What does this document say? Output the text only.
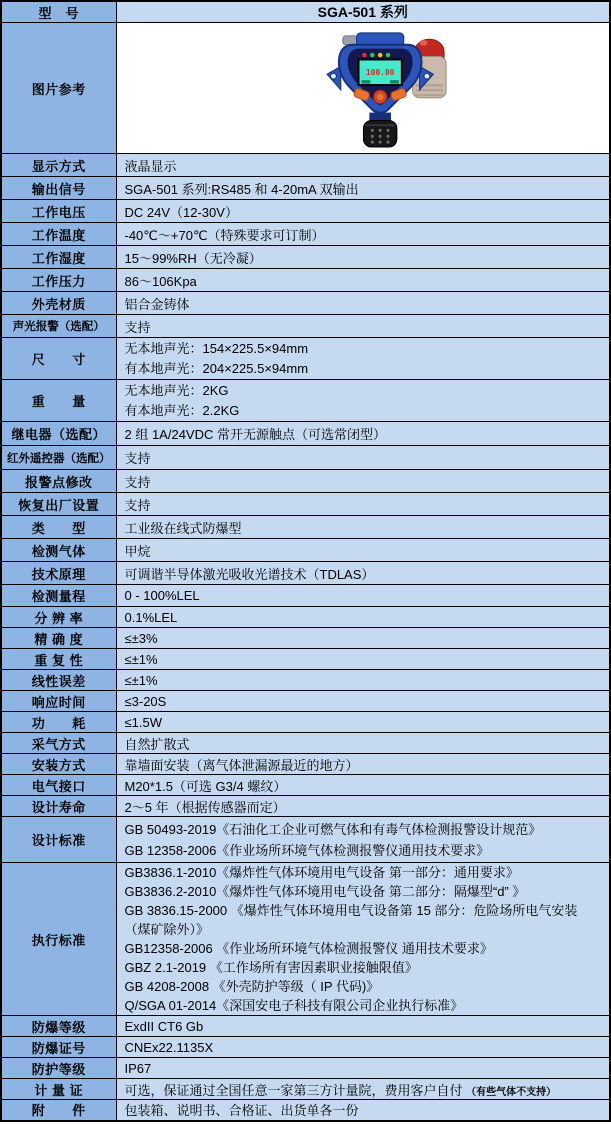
型　号	SGA-501 系列
图片参考	100.00

显示方式	液晶显示
输出信号	SGA-501 系列:RS485 和 4-20mA 双输出
工作电压	DC 24V（12-30V）
工作温度	-40℃～+70℃（特殊要求可订制）
工作湿度	15～99%RH（无冷凝）
工作压力	86～106Kpa
外壳材质	铝合金铸体
声光报警（选配）	支持
尺　　寸	无本地声光：154×225.5×94mm
有本地声光：204×225.5×94mm

重　　量	无本地声光：2KG
有本地声光：2.2KG

继电器（选配）	2 组 1A/24VDC 常开无源触点（可选常闭型）
红外遥控器（选配）	支持
报警点修改	支持
恢复出厂设置	支持
类　　型	工业级在线式防爆型
检测气体	甲烷
技术原理	可调谐半导体激光吸收光谱技术（TDLAS）
检测量程	0 - 100%LEL
分 辨 率	0.1%LEL
精 确 度	≤±3%
重 复 性	≤±1%
线性误差	≤±1%
响应时间	≤3-20S
功　　耗	≤1.5W
采气方式	自然扩散式
安装方式	靠墙面安装（离气体泄漏源最近的地方）
电气接口	M20*1.5（可选 G3/4 螺纹）
设计寿命	2～5 年（根据传感器而定）
设计标准	GB 50493-2019《石油化工企业可燃气体和有毒气体检测报警设计规范》
GB 12358-2006《作业场所环境气体检测报警仪通用技术要求》

执行标准	
GB3836.1-2010《爆炸性气体环境用电气设备 第一部分：通用要求》
GB3836.2-2010《爆炸性气体环境用电气设备 第二部分：隔爆型“d” 》
GB 3836.15-2000 《爆炸性气体环境用电气设备第 15 部分：危险场所电气安装
（煤矿除外）》
GB12358-2006 《作业场所环境气体检测报警仪 通用技术要求》
GBZ 2.1-2019 《工作场所有害因素职业接触限值》
GB 4208-2008 《外壳防护等级（ IP 代码)》
Q/SGA 01-2014《深国安电子科技有限公司企业执行标准》

防爆等级	ExdII CT6 Gb
防爆证号	CNEx22.1135X
防护等级	IP67
计 量 证	可选，保证通过全国任意一家第三方计量院，费用客户自付 （有些气体不支持）
附　　件	包装箱、说明书、合格证、出货单各一份
